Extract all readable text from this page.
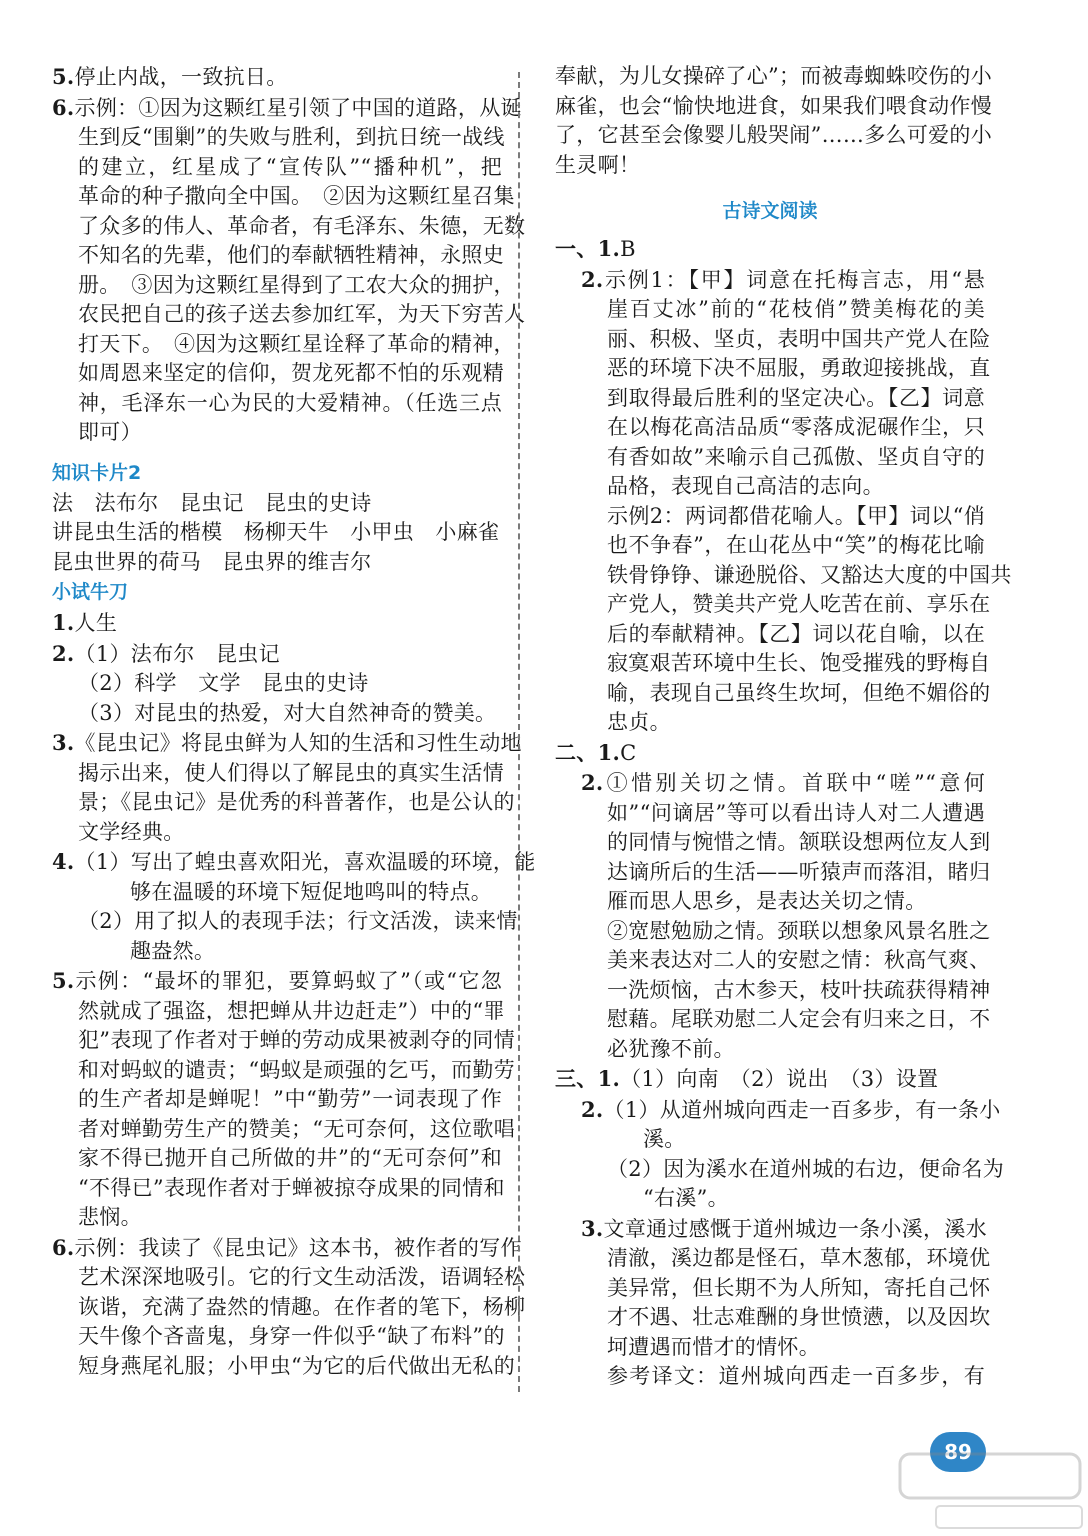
5.停止内战，一致抗日。
6.示例：①因为这颗红星引领了中国的道路，从诞
生到反“围剿”的失败与胜利，到抗日统一战线
的建立，红星成了“宣传队”“播种机”，把
革命的种子撒向全中国。　②因为这颗红星召集
了众多的伟人、革命者，有毛泽东、朱德，无数
不知名的先辈，他们的奉献牺牲精神，永照史
册。　③因为这颗红星得到了工农大众的拥护，
农民把自己的孩子送去参加红军，为天下穷苦人
打天下。　④因为这颗红星诠释了革命的精神，
如周恩来坚定的信仰，贺龙死都不怕的乐观精
神，毛泽东一心为民的大爱精神。（任选三点
即可）
知识卡片2
法　法布尔　昆虫记　昆虫的史诗
讲昆虫生活的楷模　杨柳天牛　小甲虫　小麻雀
昆虫世界的荷马　昆虫界的维吉尔
小试牛刀
1.人生
2.（1）法布尔　昆虫记
（2）科学　文学　昆虫的史诗
（3）对昆虫的热爱，对大自然神奇的赞美。
3.《昆虫记》将昆虫鲜为人知的生活和习性生动地
揭示出来，使人们得以了解昆虫的真实生活情
景；《昆虫记》是优秀的科普著作，也是公认的
文学经典。
4.（1）写出了蝗虫喜欢阳光，喜欢温暖的环境，能
够在温暖的环境下短促地鸣叫的特点。
（2）用了拟人的表现手法；行文活泼，读来情
趣盎然。
5.示例：“最坏的罪犯，要算蚂蚁了”（或“它忽
然就成了强盗，想把蝉从井边赶走”）中的“罪
犯”表现了作者对于蝉的劳动成果被剥夺的同情
和对蚂蚁的谴责；“蚂蚁是顽强的乞丐，而勤劳
的生产者却是蝉呢！”中“勤劳”一词表现了作
者对蝉勤劳生产的赞美；“无可奈何，这位歌唱
家不得已抛开自己所做的井”的“无可奈何”和
“不得已”表现作者对于蝉被掠夺成果的同情和
悲悯。
6.示例：我读了《昆虫记》这本书，被作者的写作
艺术深深地吸引。它的行文生动活泼，语调轻松
诙谐，充满了盎然的情趣。在作者的笔下，杨柳
天牛像个吝啬鬼，身穿一件似乎“缺了布料”的
短身燕尾礼服；小甲虫“为它的后代做出无私的
奉献，为儿女操碎了心”；而被毒蜘蛛咬伤的小
麻雀，也会“愉快地进食，如果我们喂食动作慢
了，它甚至会像婴儿般哭闹”……多么可爱的小
生灵啊！
古诗文阅读
一、1.B
2.示例1：【甲】词意在托梅言志，用“悬
崖百丈冰”前的“花枝俏”赞美梅花的美
丽、积极、坚贞，表明中国共产党人在险
恶的环境下决不屈服，勇敢迎接挑战，直
到取得最后胜利的坚定决心。【乙】词意
在以梅花高洁品质“零落成泥碾作尘，只
有香如故”来喻示自己孤傲、坚贞自守的
品格，表现自己高洁的志向。
示例2：两词都借花喻人。【甲】词以“俏
也不争春”，在山花丛中“笑”的梅花比喻
铁骨铮铮、谦逊脱俗、又豁达大度的中国共
产党人，赞美共产党人吃苦在前、享乐在
后的奉献精神。【乙】词以花自喻，以在
寂寞艰苦环境中生长、饱受摧残的野梅自
喻，表现自己虽终生坎坷，但绝不媚俗的
忠贞。
二、1.C
2.①惜别关切之情。首联中“嗟”“意何
如”“问谪居”等可以看出诗人对二人遭遇
的同情与惋惜之情。颔联设想两位友人到
达谪所后的生活——听猿声而落泪，睹归
雁而思人思乡，是表达关切之情。
②宽慰勉励之情。颈联以想象风景名胜之
美来表达对二人的安慰之情：秋高气爽、
一洗烦恼，古木参天，枝叶扶疏获得精神
慰藉。尾联劝慰二人定会有归来之日，不
必犹豫不前。
三、1.（1）向南　（2）说出　（3）设置
2.（1）从道州城向西走一百多步，有一条小
溪。
（2）因为溪水在道州城的右边，便命名为
“右溪”。
3.文章通过感慨于道州城边一条小溪，溪水
清澈，溪边都是怪石，草木葱郁，环境优
美异常，但长期不为人所知，寄托自己怀
才不遇、壮志难酬的身世愤懑，以及因坎
坷遭遇而惜才的情怀。
参考译文：道州城向西走一百多步，有
89
